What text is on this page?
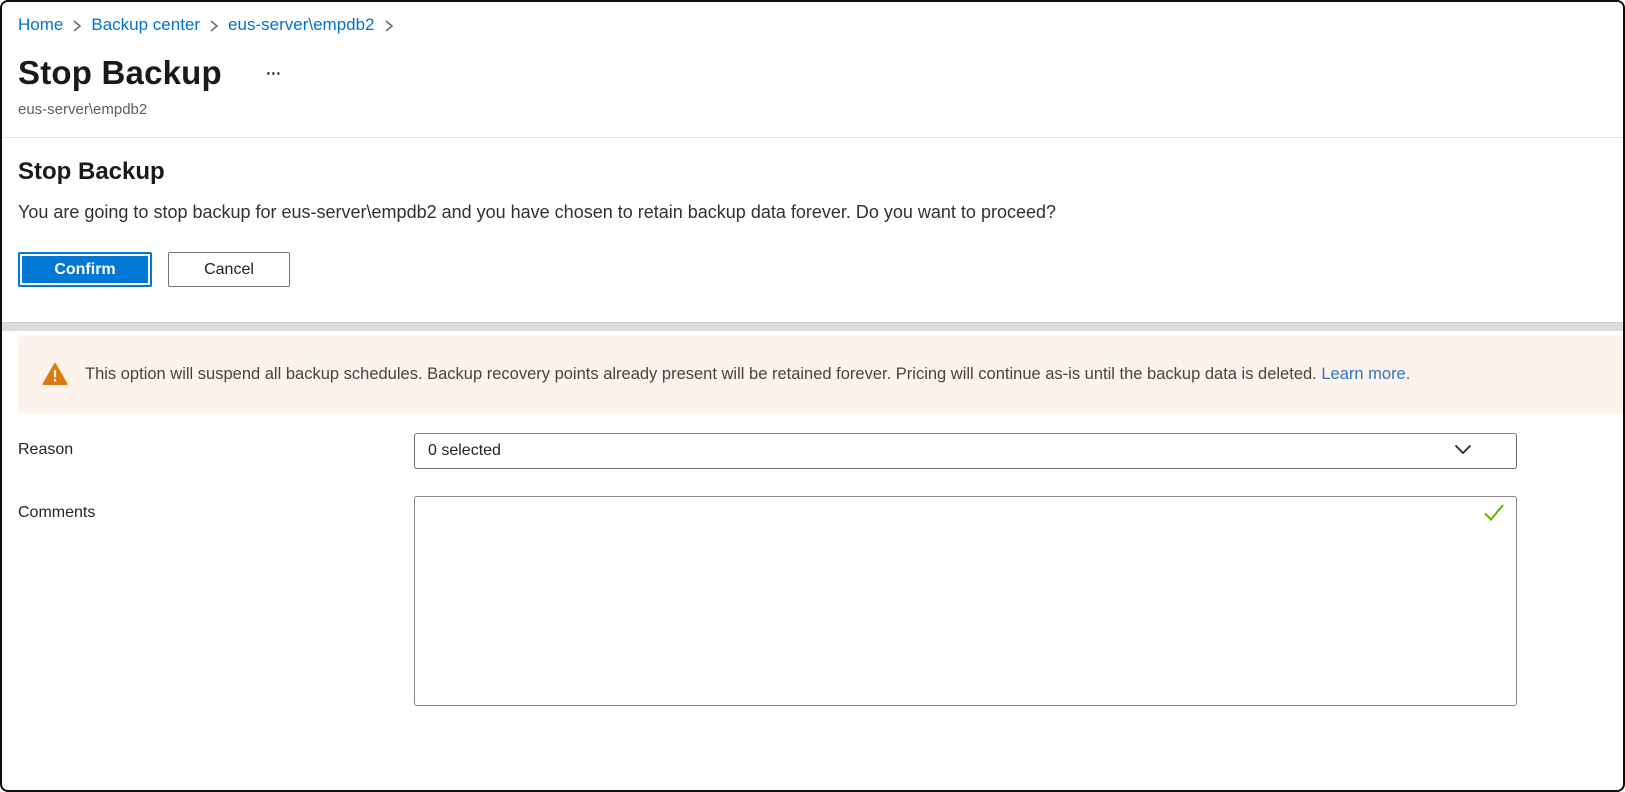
Home Backup center eus-server\empdb2
Stop Backup	⋯
eus-server\empdb2
Stop Backup
You are going to stop backup for eus-server\empdb2 and you have chosen to retain backup data forever. Do you want to proceed?
Confirm	Cancel
This option will suspend all backup schedules. Backup recovery points already present will be retained forever. Pricing will continue as-is until the backup data is deleted. Learn more.
Reason	0 selected
Comments
